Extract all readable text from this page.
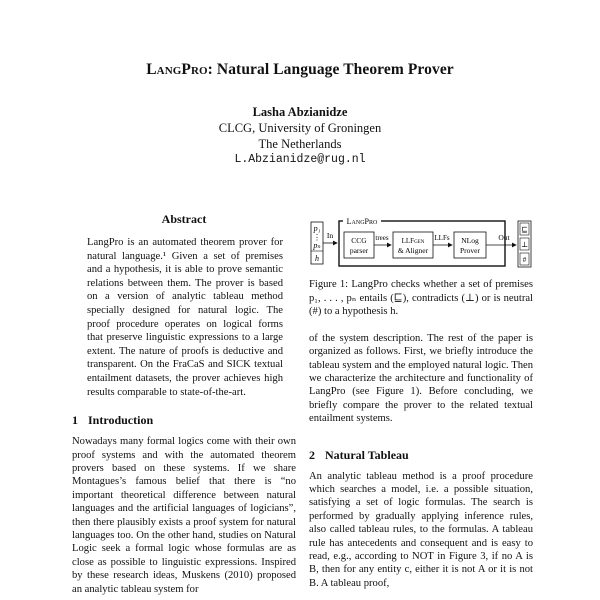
LangPro: Natural Language Theorem Prover
Lasha Abzianidze
CLCG, University of Groningen
The Netherlands
L.Abzianidze@rug.nl
Abstract

LangPro is an automated theorem prover for natural language.¹ Given a set of premises and a hypothesis, it is able to prove semantic relations between them. The prover is based on a version of analytic tableau method specially designed for natural logic. The proof procedure operates on logical forms that preserve linguistic expressions to a large extent. The nature of proofs is deductive and transparent. On the FraCaS and SICK textual entailment datasets, the prover achieves high results comparable to state-of-the-art.

1 Introduction

Nowadays many formal logics come with their own proof systems and with the automated theorem provers based on these systems. If we share Montagues’s famous belief that there is “no important theoretical difference between natural languages and the artificial languages of logicians”, then there plausibly exists a proof system for natural languages too. On the other hand, studies on Natural Logic seek a formal logic whose formulas are as close as possible to linguistic expressions. Inspired by these research ideas, Muskens (2010) proposed an analytic tableau system for

p₁
⋮
pₙ
h
In
LangPro
CCG
parser
trees LLFgen
& Aligner
LLFs NLog
Prover
Out
⊑
⊥
#

Figure 1: LangPro checks whether a set of premises p₁, . . . , pₙ entails (⊑), contradicts (⊥) or is neutral (#) to a hypothesis h.

of the system description. The rest of the paper is organized as follows. First, we briefly introduce the tableau system and the employed natural logic. Then we characterize the architecture and functionality of LangPro (see Figure 1). Before concluding, we briefly compare the prover to the related textual entailment systems.

2 Natural Tableau

An analytic tableau method is a proof procedure which searches a model, i.e. a possible situation, satisfying a set of logic formulas. The search is performed by gradually applying inference rules, also called tableau rules, to the formulas. A tableau rule has antecedents and consequent and is easy to read, e.g., according to NOT in Figure 3, if no A is B, then for any entity c, either it is not A or it is not B. A tableau proof,
